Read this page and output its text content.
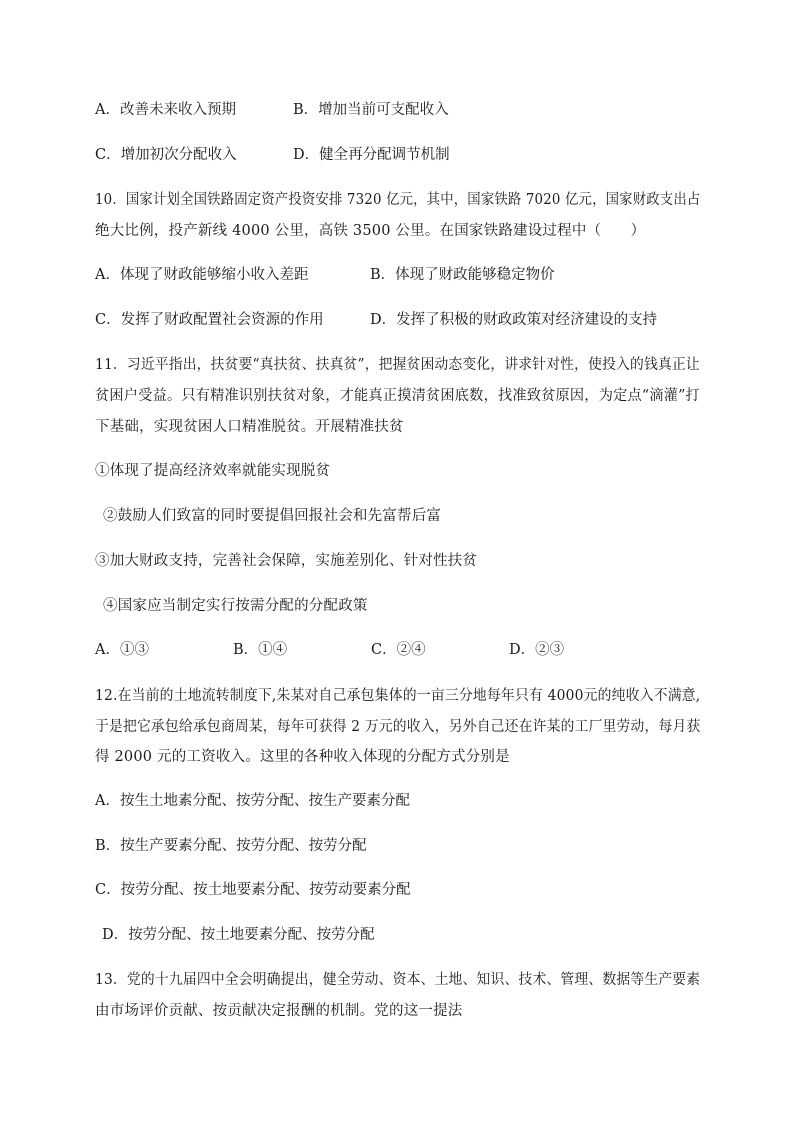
A．改善未来收入预期	B．增加当前可支配收入
C．增加初次分配收入	D．健全再分配调节机制
10．国家计划全国铁路固定资产投资安排 7320 亿元，其中，国家铁路 7020 亿元，国家财政支出占
绝大比例，投产新线 4000 公里，高铁 3500 公里。在国家铁路建设过程中（　　）
A．体现了财政能够缩小收入差距	B．体现了财政能够稳定物价
C．发挥了财政配置社会资源的作用	D．发挥了积极的财政政策对经济建设的支持
11．习近平指出，扶贫要“真扶贫、扶真贫”，把握贫困动态变化，讲求针对性，使投入的钱真正让
贫困户受益。只有精准识别扶贫对象，才能真正摸清贫困底数，找准致贫原因，为定点“滴灌”打
下基础，实现贫困人口精准脱贫。开展精准扶贫
①体现了提高经济效率就能实现脱贫
②鼓励人们致富的同时要提倡回报社会和先富帮后富
③加大财政支持，完善社会保障，实施差别化、针对性扶贫
④国家应当制定实行按需分配的分配政策
A．①③	B．①④	C．②④	D．②③
12.在当前的土地流转制度下,朱某对自己承包集体的一亩三分地每年只有 4000元的纯收入不满意,
于是把它承包给承包商周某，每年可获得 2 万元的收入，另外自己还在许某的工厂里劳动，每月获
得 2000 元的工资收入。这里的各种收入体现的分配方式分别是
A．按生土地素分配、按劳分配、按生产要素分配
B．按生产要素分配、按劳分配、按劳分配
C．按劳分配、按土地要素分配、按劳动要素分配
D．按劳分配、按土地要素分配、按劳分配
13．党的十九届四中全会明确提出，健全劳动、资本、土地、知识、技术、管理、数据等生产要素
由市场评价贡献、按贡献决定报酬的机制。党的这一提法
